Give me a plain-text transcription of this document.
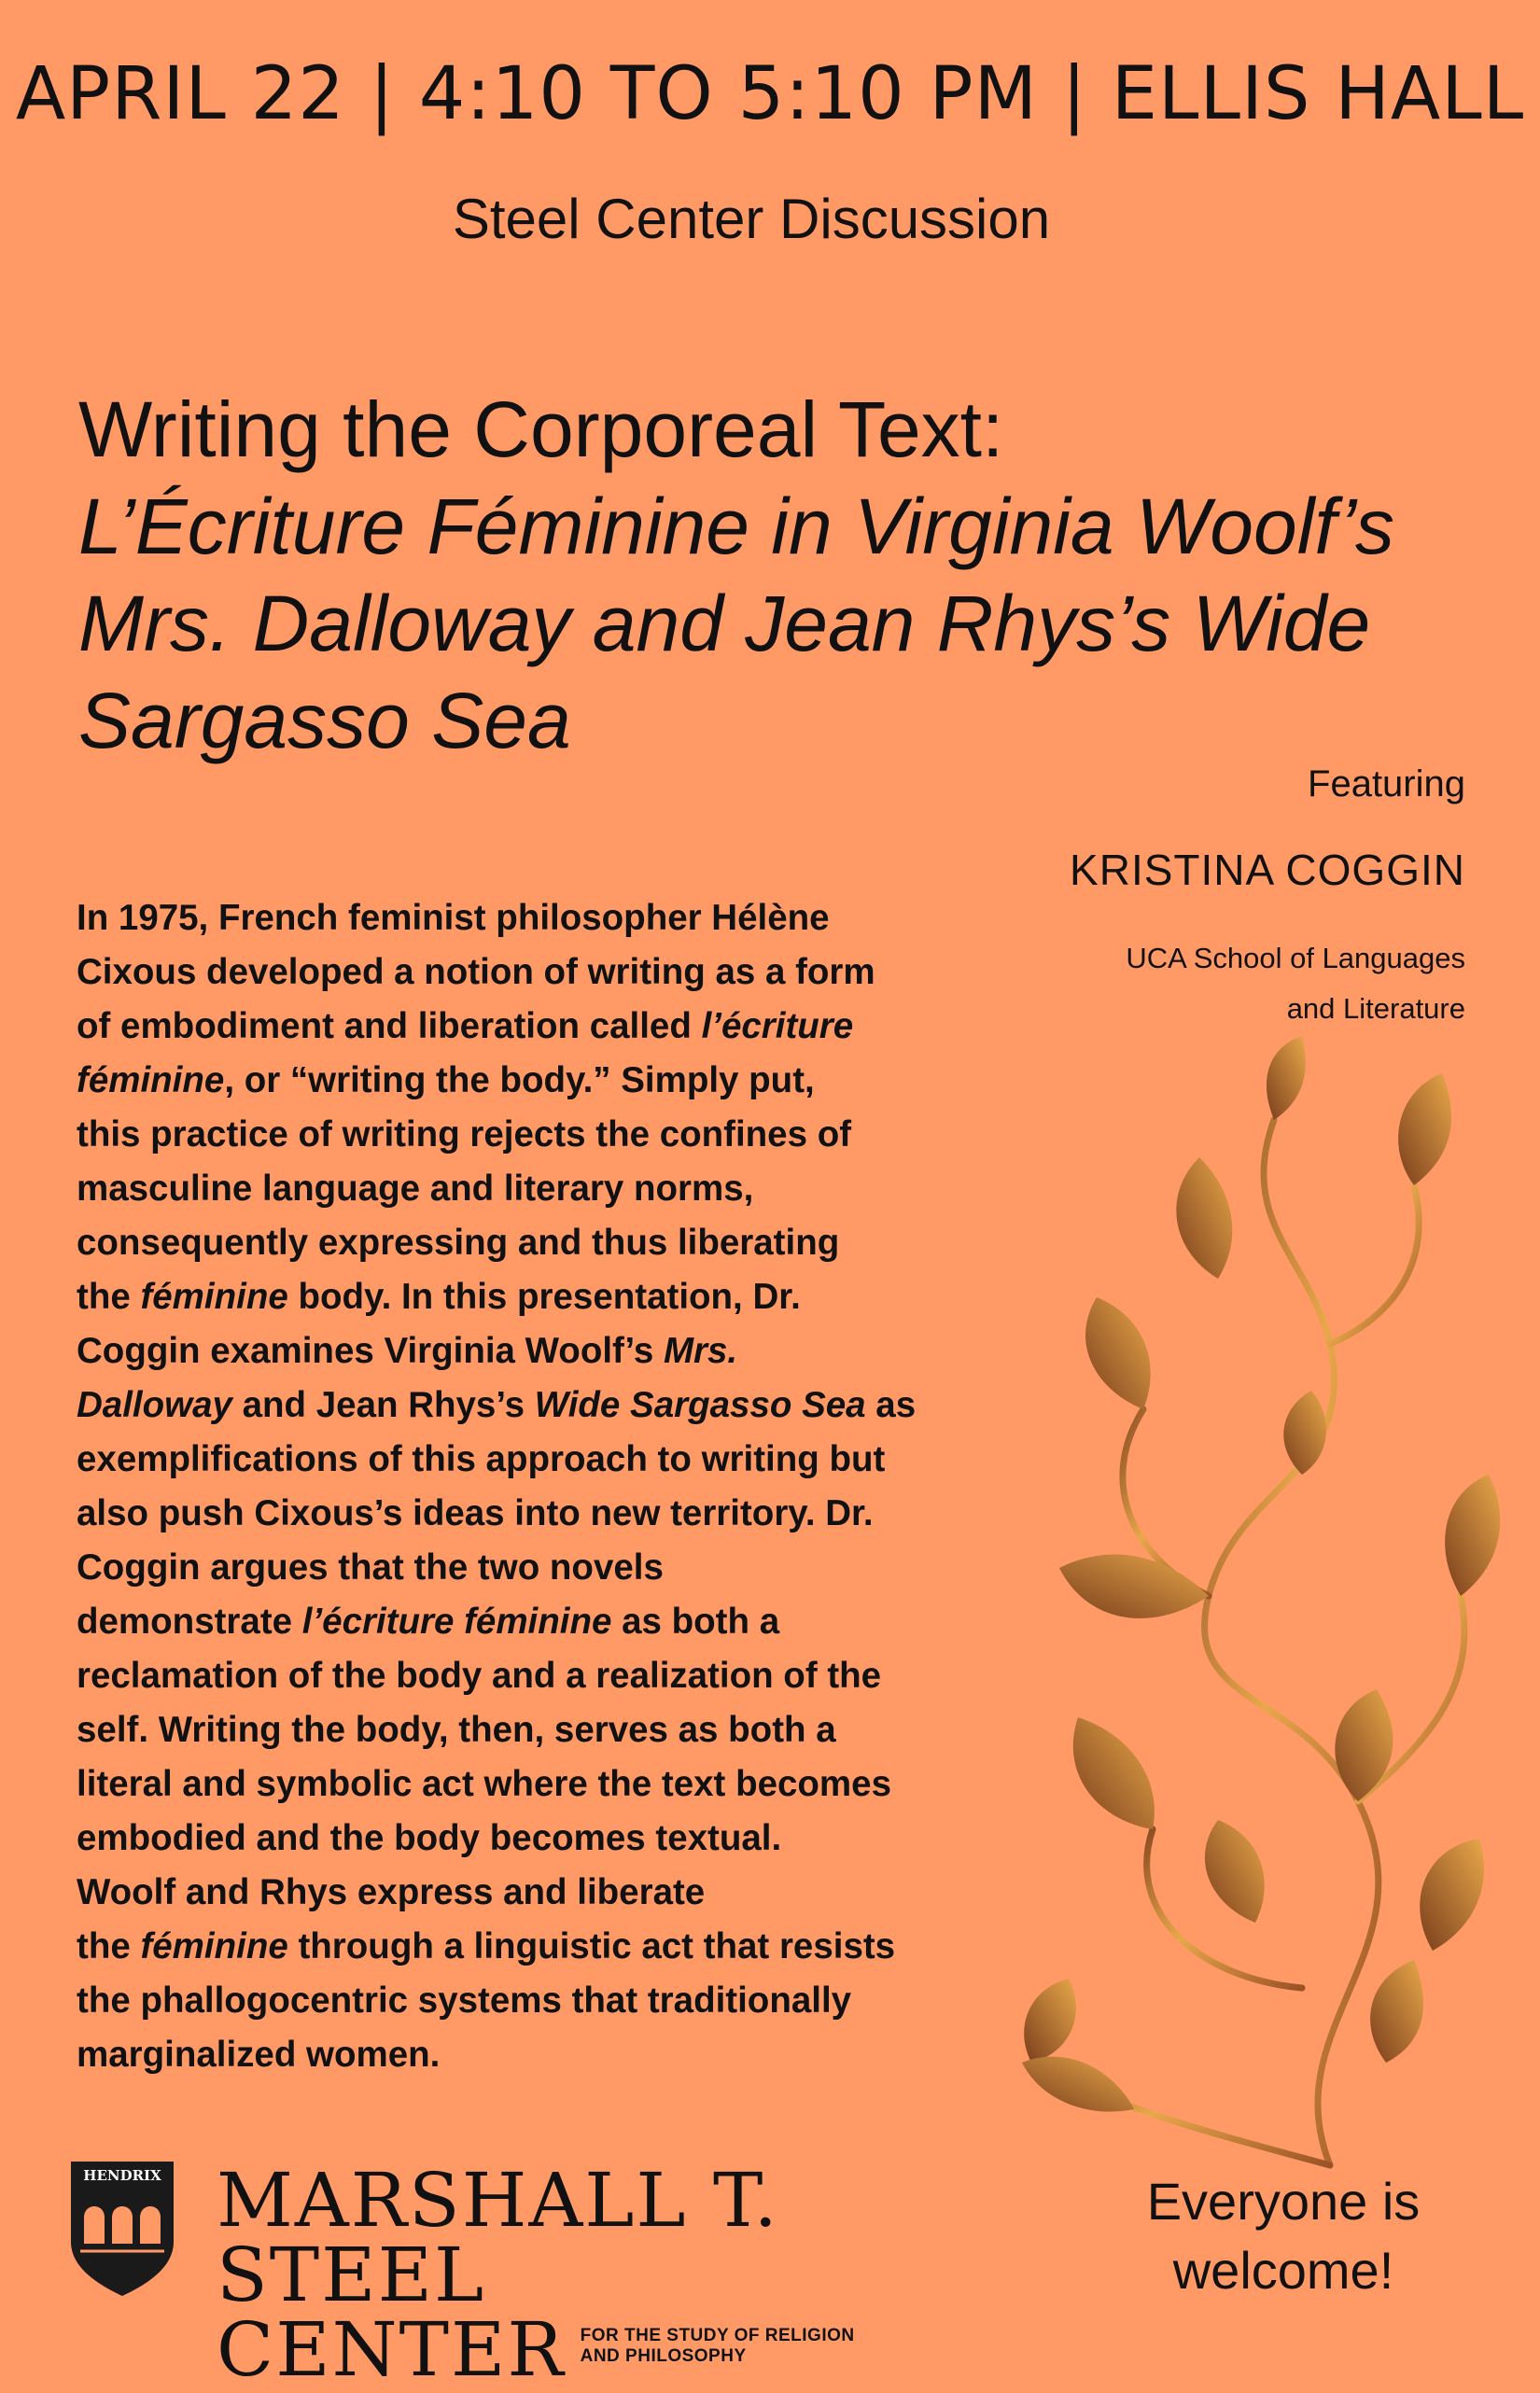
APRIL 22 | 4:10 TO 5:10 PM | ELLIS HALL
Steel Center Discussion
Writing the Corporeal Text:
L’Écriture Féminine in Virginia Woolf’s
Mrs. Dalloway and Jean Rhys’s Wide
Sargasso Sea
Featuring
KRISTINA COGGIN
UCA School of Languages
and Literature
In 1975, French feminist philosopher Hélène
Cixous developed a notion of writing as a form
of embodiment and liberation called l’écriture
féminine, or “writing the body.” Simply put,
this practice of writing rejects the confines of
masculine language and literary norms,
consequently expressing and thus liberating
the féminine body. In this presentation, Dr.
Coggin examines Virginia Woolf’s Mrs.
Dalloway and Jean Rhys’s Wide Sargasso Sea as
exemplifications of this approach to writing but
also push Cixous’s ideas into new territory. Dr.
Coggin argues that the two novels
demonstrate l’écriture féminine as both a
reclamation of the body and a realization of the
self. Writing the body, then, serves as both a
literal and symbolic act where the text becomes
embodied and the body becomes textual.
Woolf and Rhys express and liberate
the féminine through a linguistic act that resists
the phallogocentric systems that traditionally
marginalized women.
HENDRIX MARSHALL T. STEEL
CENTER FOR THE STUDY OF RELIGION
AND PHILOSOPHY
Everyone is
welcome!
